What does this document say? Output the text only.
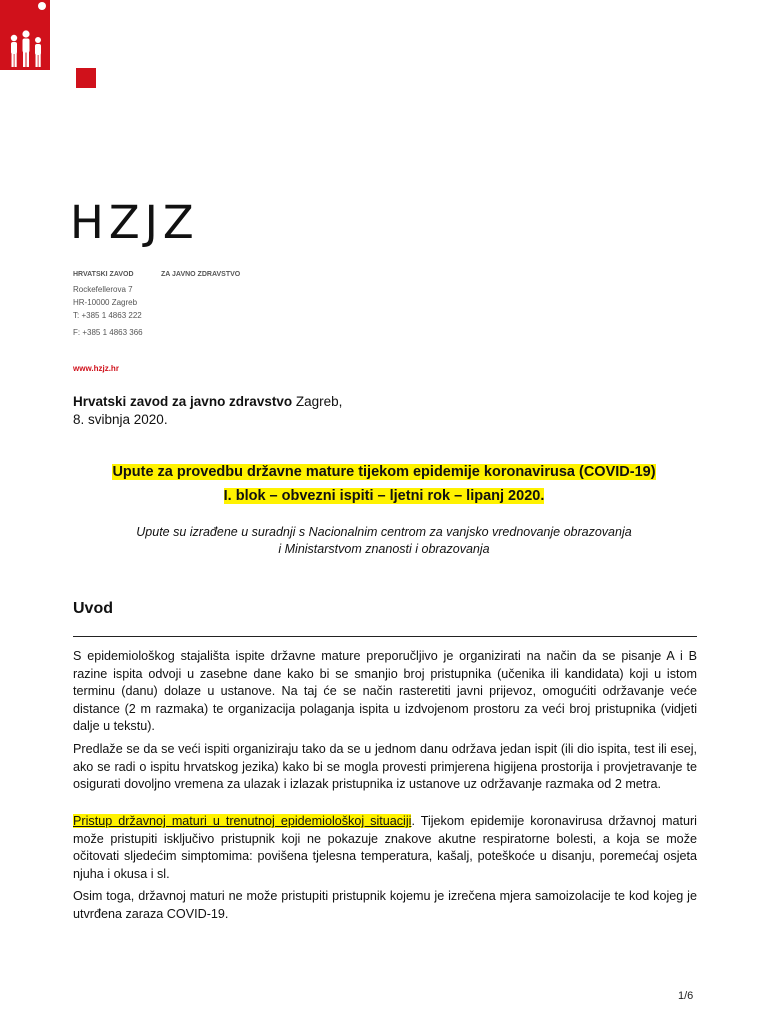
HZJZ
HRVATSKI ZAVOD	ZA JAVNO ZDRAVSTVO
Rockefellerova 7
HR-10000 Zagreb
T: +385 1 4863 222
F: +385 1 4863 366
www.hzjz.hr
Hrvatski zavod za javno zdravstvo Zagreb,
8. svibnja 2020.
Upute za provedbu državne mature tijekom epidemije koronavirusa (COVID-19)
I. blok – obvezni ispiti – ljetni rok – lipanj 2020.
Upute su izrađene u suradnji s Nacionalnim centrom za vanjsko vrednovanje obrazovanja
i Ministarstvom znanosti i obrazovanja
Uvod
S epidemiološkog stajališta ispite državne mature preporučljivo je organizirati na način da se pisanje A i B razine ispita odvoji u zasebne dane kako bi se smanjio broj pristupnika (učenika ili kandidata) koji u istom terminu (danu) dolaze u ustanove. Na taj će se način rasteretiti javni prijevoz, omogućiti održavanje veće distance (2 m razmaka) te organizacija polaganja ispita u izdvojenom prostoru za veći broj pristupnika (vidjeti dalje u tekstu).
Predlaže se da se veći ispiti organiziraju tako da se u jednom danu održava jedan ispit (ili dio ispita, test ili esej, ako se radi o ispitu hrvatskog jezika) kako bi se mogla provesti primjerena higijena prostorija i provjetravanje te osigurati dovoljno vremena za ulazak i izlazak pristupnika iz ustanove uz održavanje razmaka od 2 metra.
Pristup državnoj maturi u trenutnoj epidemiološkoj situaciji. Tijekom epidemije koronavirusa državnoj maturi može pristupiti isključivo pristupnik koji ne pokazuje znakove akutne respiratorne bolesti, a koja se može očitovati sljedećim simptomima: povišena tjelesna temperatura, kašalj, poteškoće u disanju, poremećaj osjeta njuha i okusa i sl.
Osim toga, državnoj maturi ne može pristupiti pristupnik kojemu je izrečena mjera samoizolacije te kod kojeg je utvrđena zaraza COVID-19.
1/6
